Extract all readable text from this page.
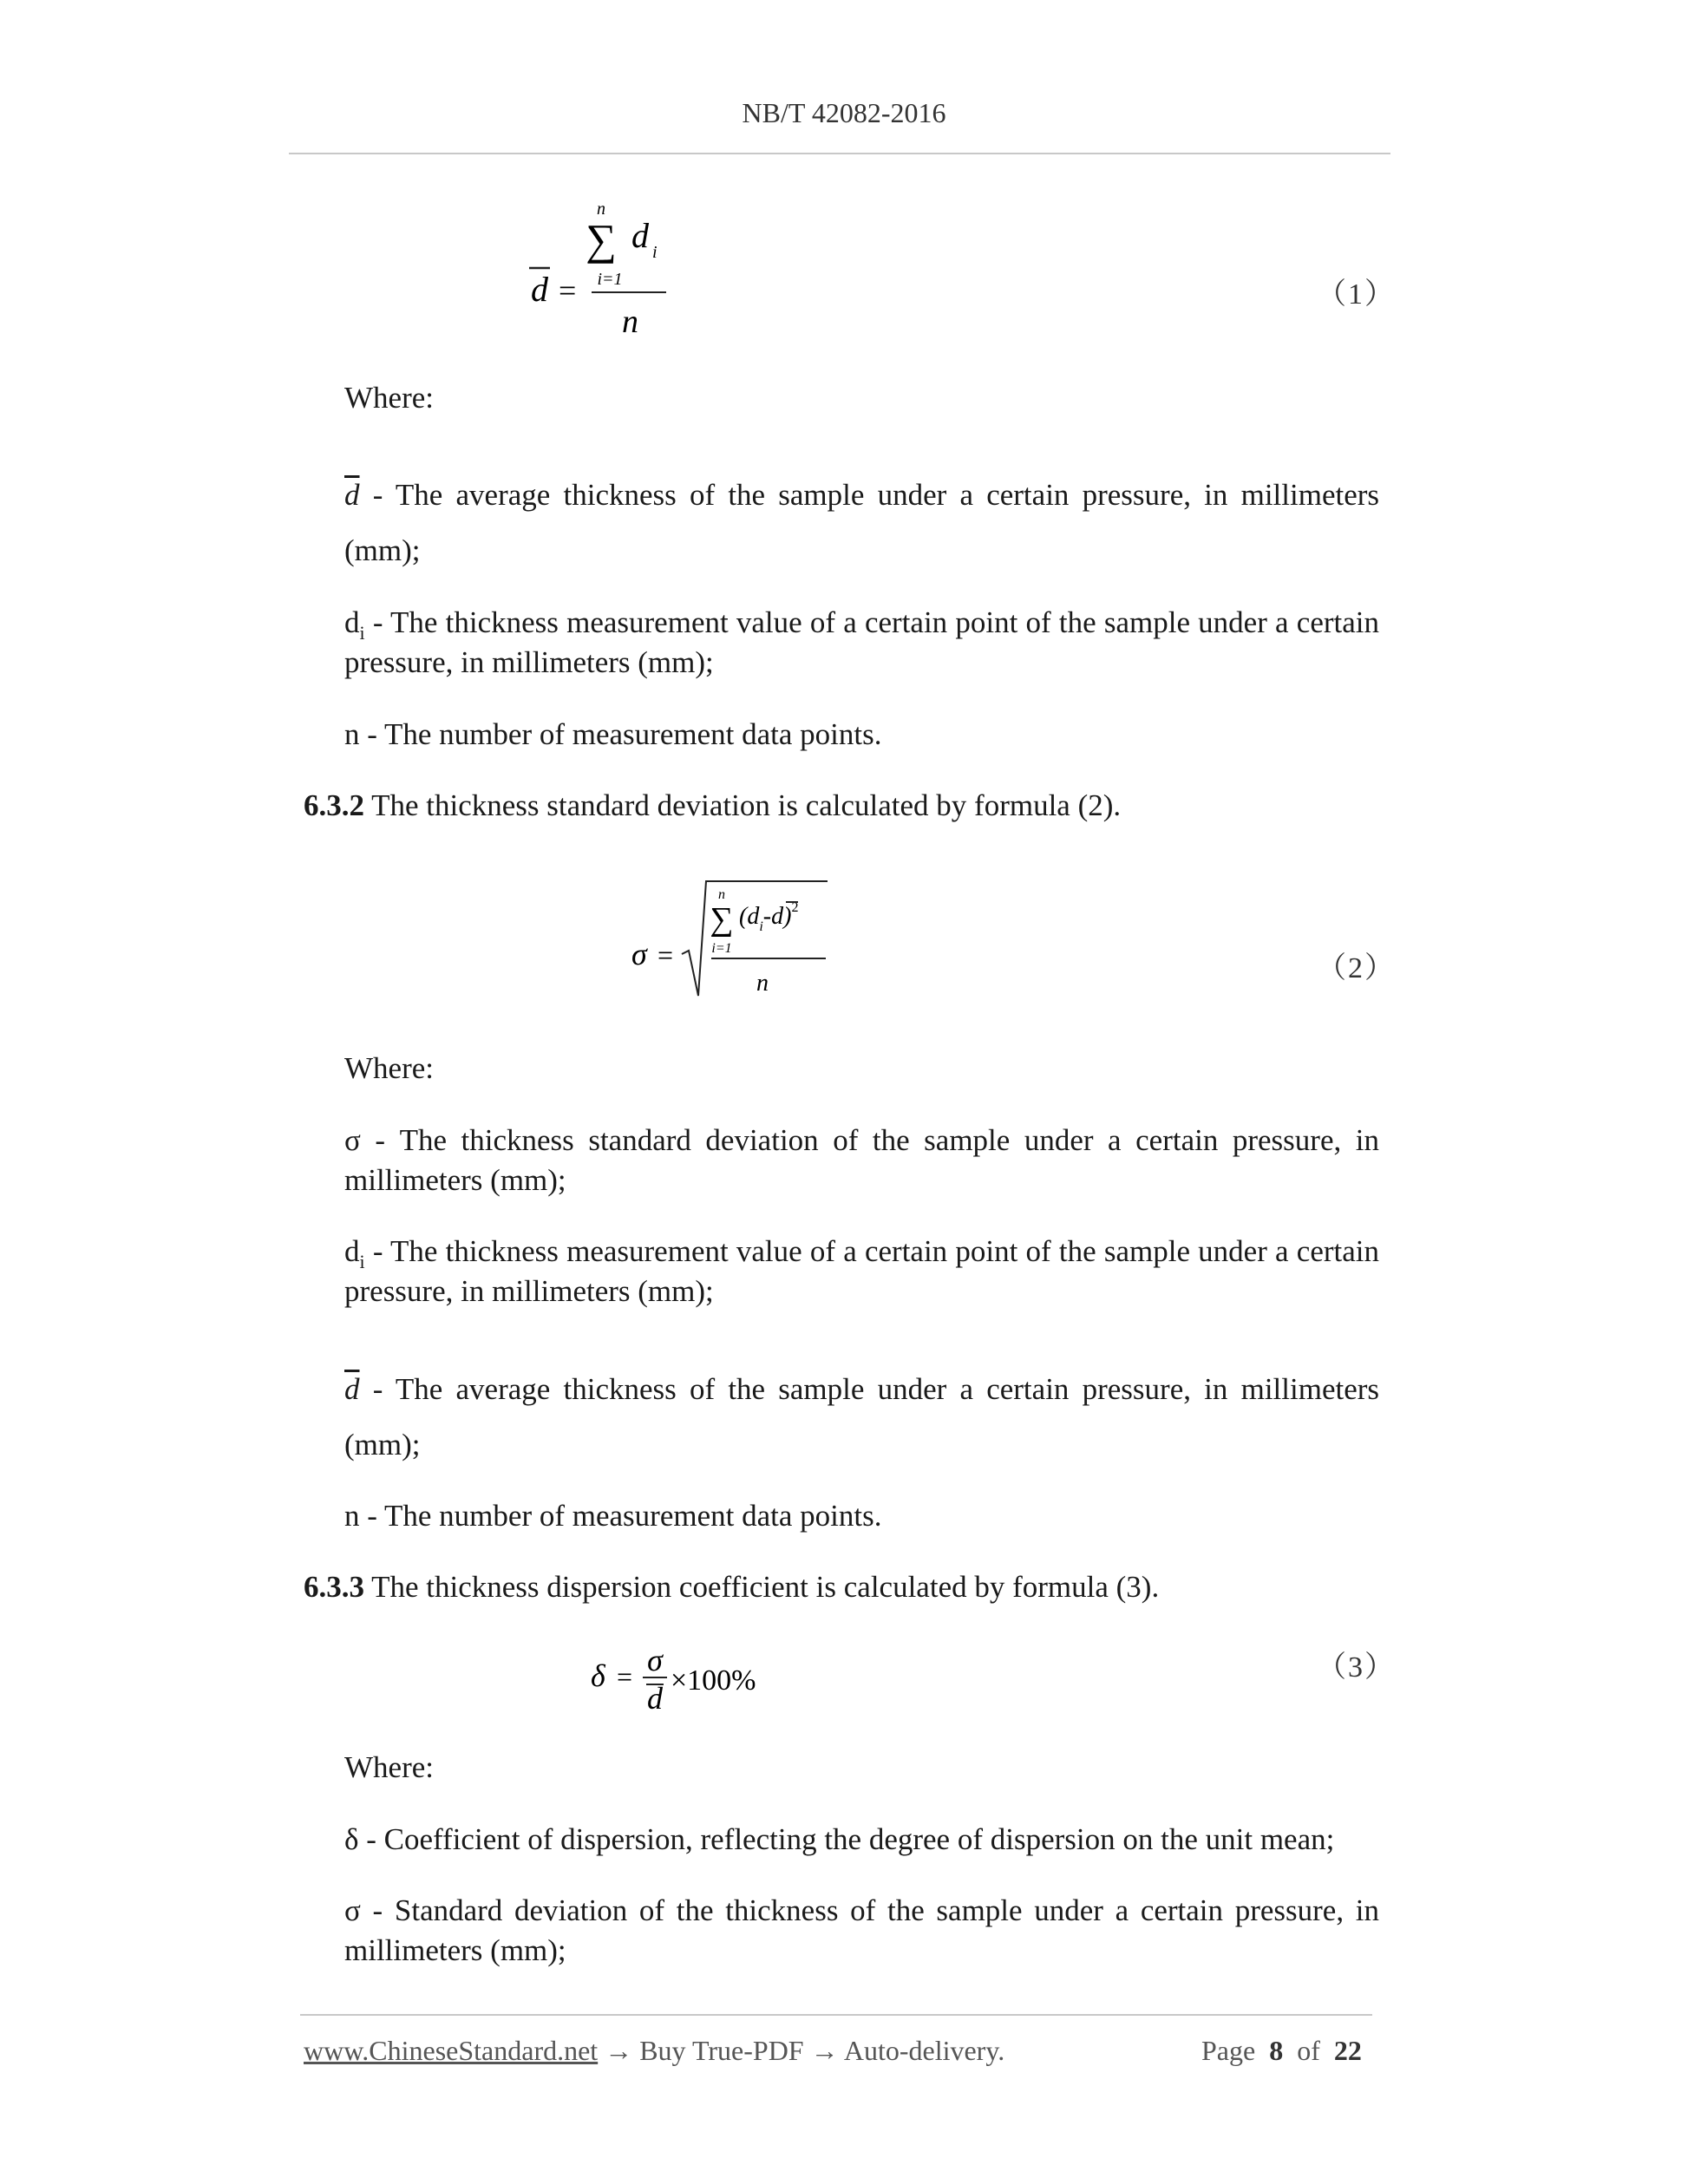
NB/T 42082-2016
n
∑ d i
i=1
d =
n
（1）
Where:
$\overline{d}$ - The average thickness of the sample under a certain pressure, in millimeters
(mm);
$d_i$ - The thickness measurement value of a certain point of the sample under a certain
pressure, in millimeters (mm);
n - The number of measurement data points.
6.3.2 The thickness standard deviation is calculated by formula (2).
σ =
n
∑
i=1
$(d_i-d)^2$
n	（2）
Where:
σ - The thickness standard deviation of the sample under a certain pressure, in
millimeters (mm);
$d_i$ - The thickness measurement value of a certain point of the sample under a certain
pressure, in millimeters (mm);
$\overline{d}$ - The average thickness of the sample under a certain pressure, in millimeters
(mm);
n - The number of measurement data points.
6.3.3 The thickness dispersion coefficient is calculated by formula (3).
δ = σ
d
×100%	（3）
Where:
δ - Coefficient of dispersion, reflecting the degree of dispersion on the unit mean;
σ - Standard deviation of the thickness of the sample under a certain pressure, in
millimeters (mm);
www.ChineseStandard.net → Buy True-PDF → Auto-delivery.	Page 8 of 22
